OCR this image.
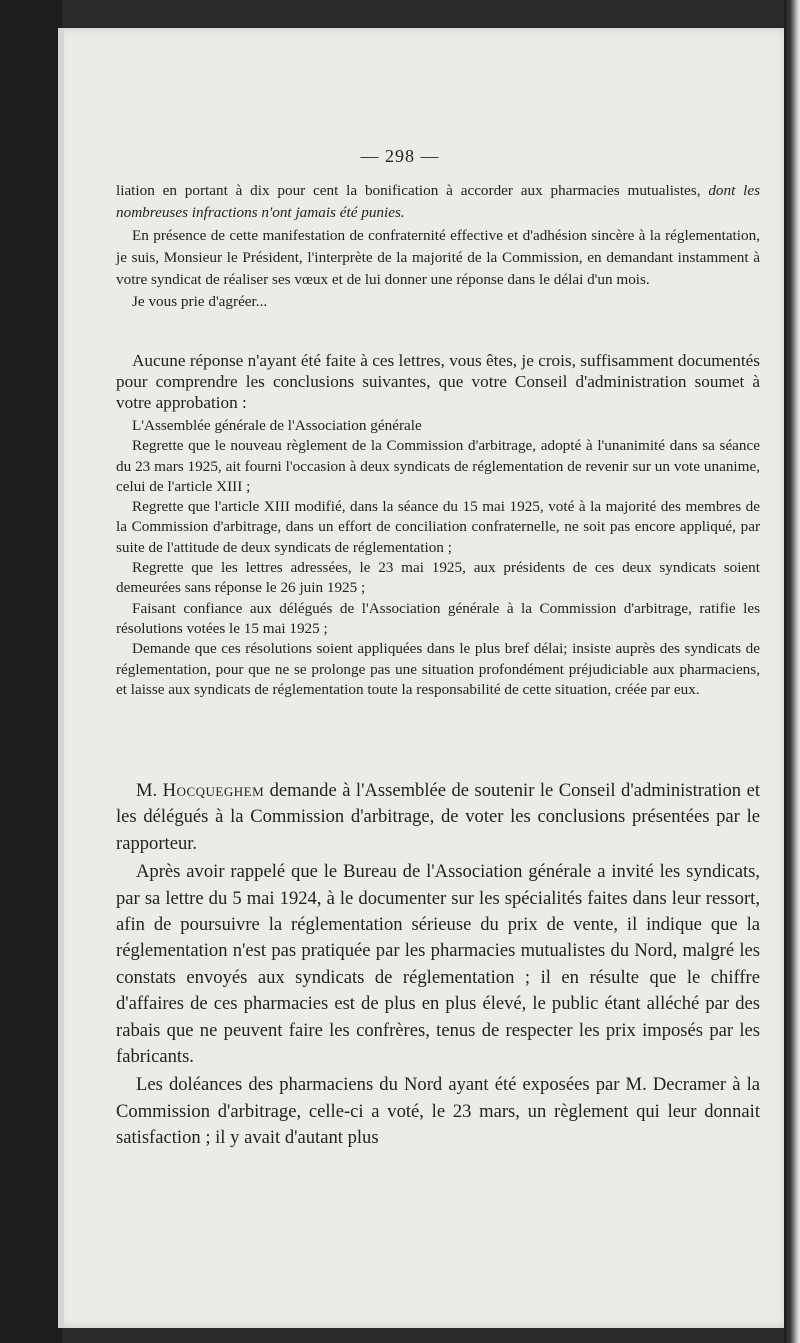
— 298 —

liation en portant à dix pour cent la bonification à accorder aux pharmacies mutualistes, dont les nombreuses infractions n'ont jamais été punies.

En présence de cette manifestation de confraternité effective et d'adhésion sincère à la réglementation, je suis, Monsieur le Président, l'interprète de la majorité de la Commission, en demandant instamment à votre syndicat de réaliser ses vœux et de lui donner une réponse dans le délai d'un mois.

Je vous prie d'agréer...

Aucune réponse n'ayant été faite à ces lettres, vous êtes, je crois, suffisamment documentés pour comprendre les conclusions suivantes, que votre Conseil d'administration soumet à votre approbation :

L'Assemblée générale de l'Association générale

Regrette que le nouveau règlement de la Commission d'arbitrage, adopté à l'unanimité dans sa séance du 23 mars 1925, ait fourni l'occasion à deux syndicats de réglementation de revenir sur un vote unanime, celui de l'article XIII ;

Regrette que l'article XIII modifié, dans la séance du 15 mai 1925, voté à la majorité des membres de la Commission d'arbitrage, dans un effort de conciliation confraternelle, ne soit pas encore appliqué, par suite de l'attitude de deux syndicats de réglementation ;

Regrette que les lettres adressées, le 23 mai 1925, aux présidents de ces deux syndicats soient demeurées sans réponse le 26 juin 1925 ;

Faisant confiance aux délégués de l'Association générale à la Commission d'arbitrage, ratifie les résolutions votées le 15 mai 1925 ;

Demande que ces résolutions soient appliquées dans le plus bref délai; insiste auprès des syndicats de réglementation, pour que ne se prolonge pas une situation profondément préjudiciable aux pharmaciens, et laisse aux syndicats de réglementation toute la responsabilité de cette situation, créée par eux.

M. Hocqueghem demande à l'Assemblée de soutenir le Conseil d'administration et les délégués à la Commission d'arbitrage, de voter les conclusions présentées par le rapporteur.

Après avoir rappelé que le Bureau de l'Association générale a invité les syndicats, par sa lettre du 5 mai 1924, à le documenter sur les spécialités faites dans leur ressort, afin de poursuivre la réglementation sérieuse du prix de vente, il indique que la réglementation n'est pas pratiquée par les pharmacies mutualistes du Nord, malgré les constats envoyés aux syndicats de réglementation ; il en résulte que le chiffre d'affaires de ces pharmacies est de plus en plus élevé, le public étant alléché par des rabais que ne peuvent faire les confrères, tenus de respecter les prix imposés par les fabricants.

Les doléances des pharmaciens du Nord ayant été exposées par M. Decramer à la Commission d'arbitrage, celle-ci a voté, le 23 mars, un règlement qui leur donnait satisfaction ; il y avait d'autant plus
